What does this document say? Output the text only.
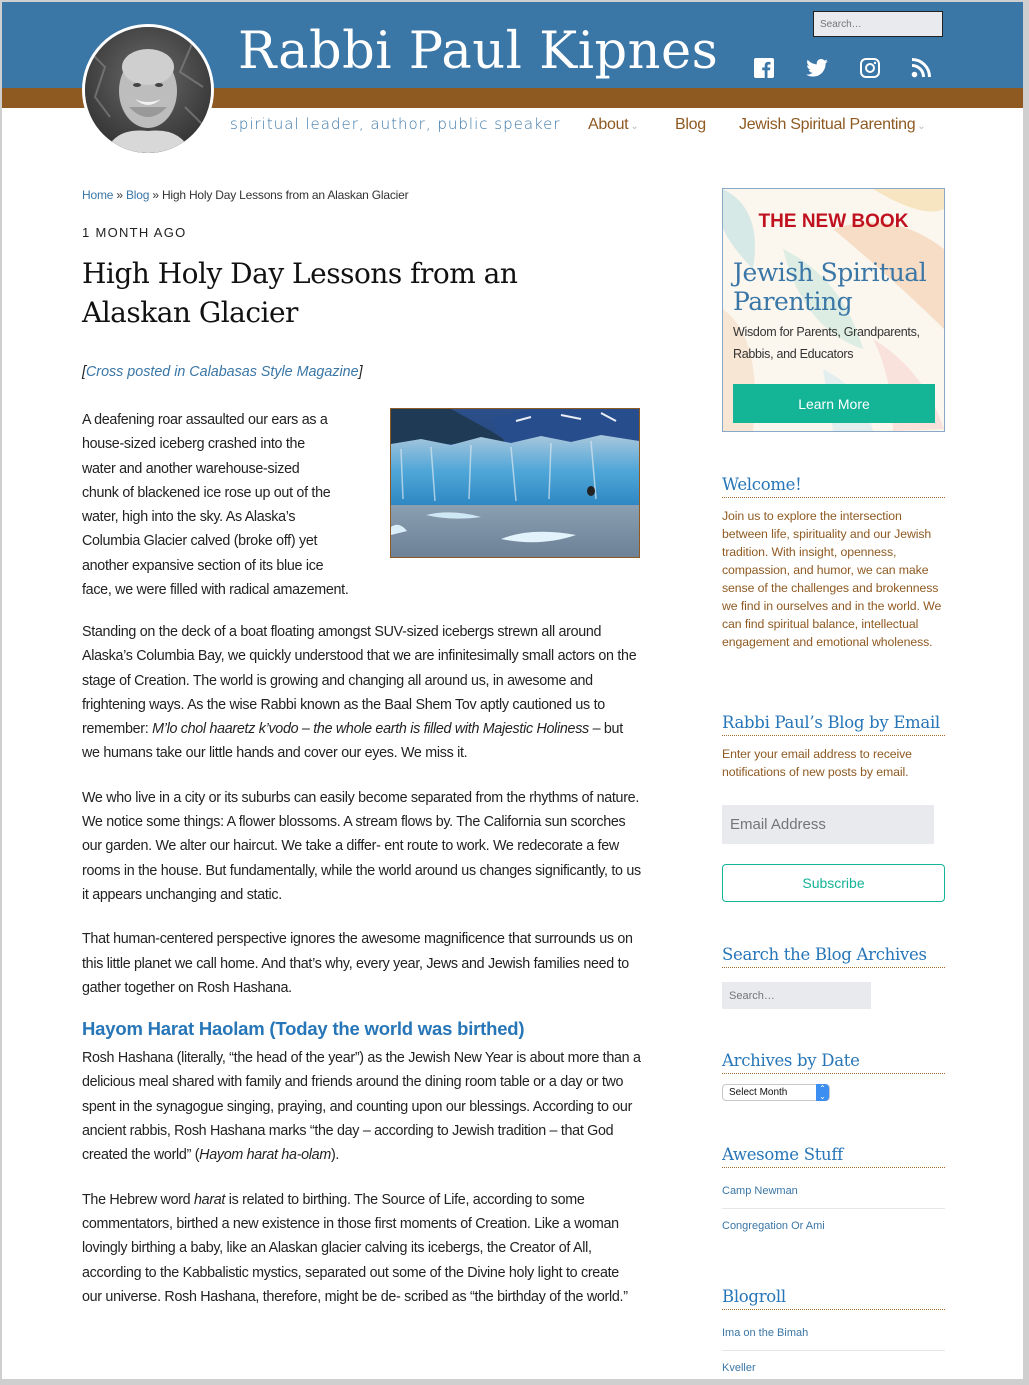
Rabbi Paul Kipnes
spiritual leader, author, public speaker
Search… About ⌄ Blog Jewish Spiritual Parenting ⌄
Home » Blog » High Holy Day Lessons from an Alaskan Glacier
1 MONTH AGO
High Holy Day Lessons from an
Alaskan Glacier
[Cross posted in Calabasas Style Magazine]
A deafening roar assaulted our ears as a
house-sized iceberg crashed into the
water and another warehouse-sized
chunk of blackened ice rose up out of the
water, high into the sky. As Alaska’s
Columbia Glacier calved (broke off) yet
another expansive section of its blue ice
face, we were filled with radical amazement.

Standing on the deck of a boat floating amongst SUV-sized icebergs strewn all around Alaska’s Columbia Bay, we quickly understood that we are infinitesimally small actors on the stage of Creation. The world is growing and changing all around us, in awesome and frightening ways. As the wise Rabbi known as the Baal Shem Tov aptly cautioned us to remember: M’lo chol haaretz k’vodo – the whole earth is filled with Majestic Holiness – but we humans take our little hands and cover our eyes. We miss it.

We who live in a city or its suburbs can easily become separated from the rhythms of nature. We notice some things: A flower blossoms. A stream flows by. The California sun scorches our garden. We alter our haircut. We take a differ- ent route to work. We redecorate a few rooms in the house. But fundamentally, while the world around us changes significantly, to us it appears unchanging and static.

That human-centered perspective ignores the awesome magnificence that surrounds us on this little planet we call home. And that’s why, every year, Jews and Jewish families need to gather together on Rosh Hashana.

Hayom Harat Haolam (Today the world was birthed)

Rosh Hashana (literally, “the head of the year”) as the Jewish New Year is about more than a delicious meal shared with family and friends around the dining room table or a day or two spent in the synagogue singing, praying, and counting upon our blessings. According to our ancient rabbis, Rosh Hashana marks “the day – according to Jewish tradition – that God created the world” (Hayom harat ha-olam).

The Hebrew word harat is related to birthing. The Source of Life, according to some commentators, birthed a new existence in those first moments of Creation. Like a woman lovingly birthing a baby, like an Alaskan glacier calving its icebergs, the Creator of All, according to the Kabbalistic mystics, separated out some of the Divine holy light to create our universe. Rosh Hashana, therefore, might be de- scribed as “the birthday of the world.”

THE NEW BOOK
Jewish Spiritual
Parenting
Wisdom for Parents, Grandparents,
Rabbis, and Educators
Learn More
Welcome!
Join us to explore the intersection between life, spirituality and our Jewish tradition. With insight, openness, compassion, and humor, we can make sense of the challenges and brokenness we find in ourselves and in the world. We can find spiritual balance, intellectual engagement and emotional wholeness.
Rabbi Paul’s Blog by Email
Enter your email address to receive notifications of new posts by email.
Email Address
Subscribe
Search the Blog Archives
Search…
Archives by Date
Select Month	⌃
⌄
Awesome Stuff
Camp Newman
Congregation Or Ami
Blogroll
Ima on the Bimah
Kveller
